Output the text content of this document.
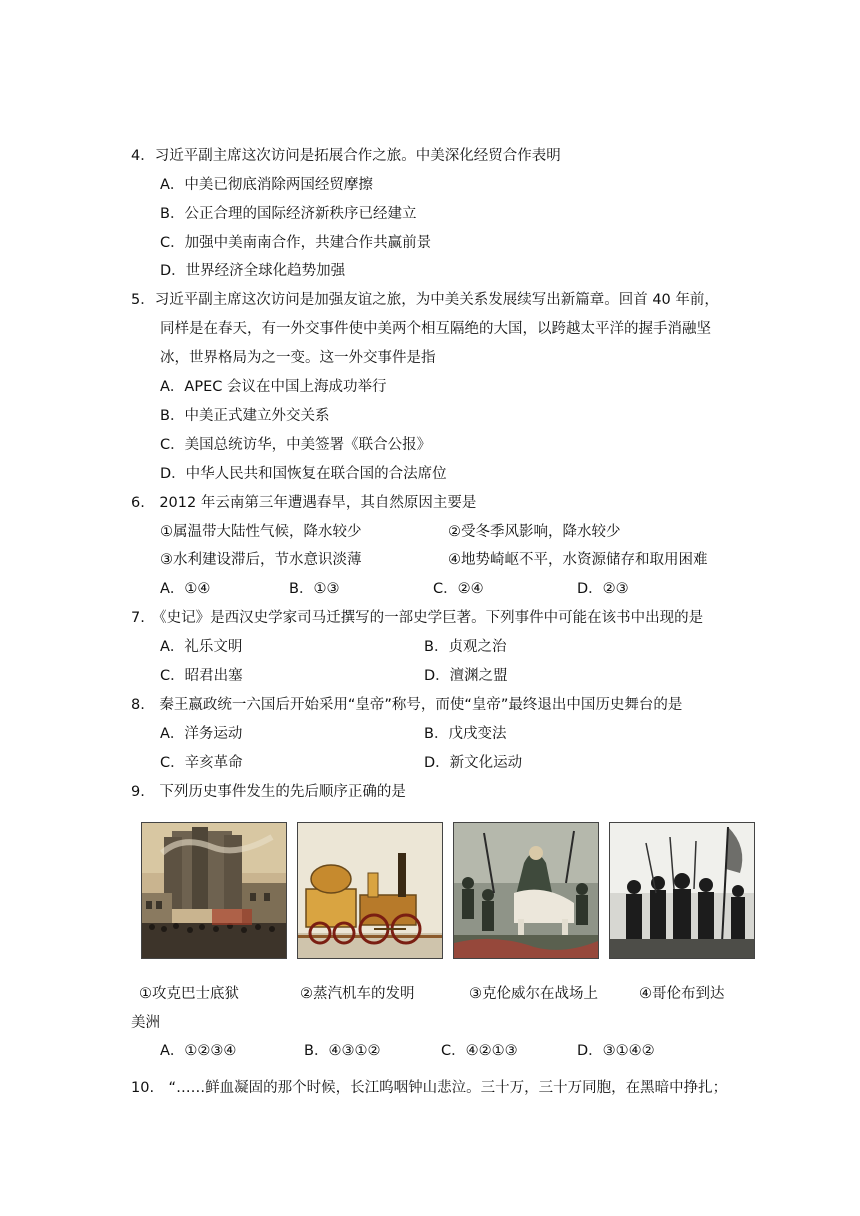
4．习近平副主席这次访问是拓展合作之旅。中美深化经贸合作表明
A．中美已彻底消除两国经贸摩擦
B．公正合理的国际经济新秩序已经建立
C．加强中美南南合作，共建合作共赢前景
D．世界经济全球化趋势加强
5．习近平副主席这次访问是加强友谊之旅，为中美关系发展续写出新篇章。回首 40 年前，
同样是在春天，有一外交事件使中美两个相互隔绝的大国，以跨越太平洋的握手消融坚
冰，世界格局为之一变。这一外交事件是指
A．APEC 会议在中国上海成功举行
B．中美正式建立外交关系
C．美国总统访华，中美签署《联合公报》
D．中华人民共和国恢复在联合国的合法席位
6.　2012 年云南第三年遭遇春旱，其自然原因主要是
①属温带大陆性气候，降水较少	②受冬季风影响，降水较少
③水利建设滞后，节水意识淡薄	④地势崎岖不平，水资源储存和取用困难
A．①④	B．①③	C．②④	D．②③
7.　《史记》是西汉史学家司马迁撰写的一部史学巨著。下列事件中可能在该书中出现的是
A．礼乐文明	B．贞观之治
C．昭君出塞	D．澶渊之盟
8.　秦王嬴政统一六国后开始采用“皇帝”称号，而使“皇帝”最终退出中国历史舞台的是
A．洋务运动	B．戊戌变法
C．辛亥革命	D．新文化运动
9.　下列历史事件发生的先后顺序正确的是
①攻克巴士底狱	②蒸汽机车的发明	③克伦威尔在战场上	④哥伦布到达
美洲
A．①②③④	B．④③①②	C．④②①③	D．③①④②
10.　“……鲜血凝固的那个时候，长江呜咽钟山悲泣。三十万，三十万同胞，在黑暗中挣扎；
